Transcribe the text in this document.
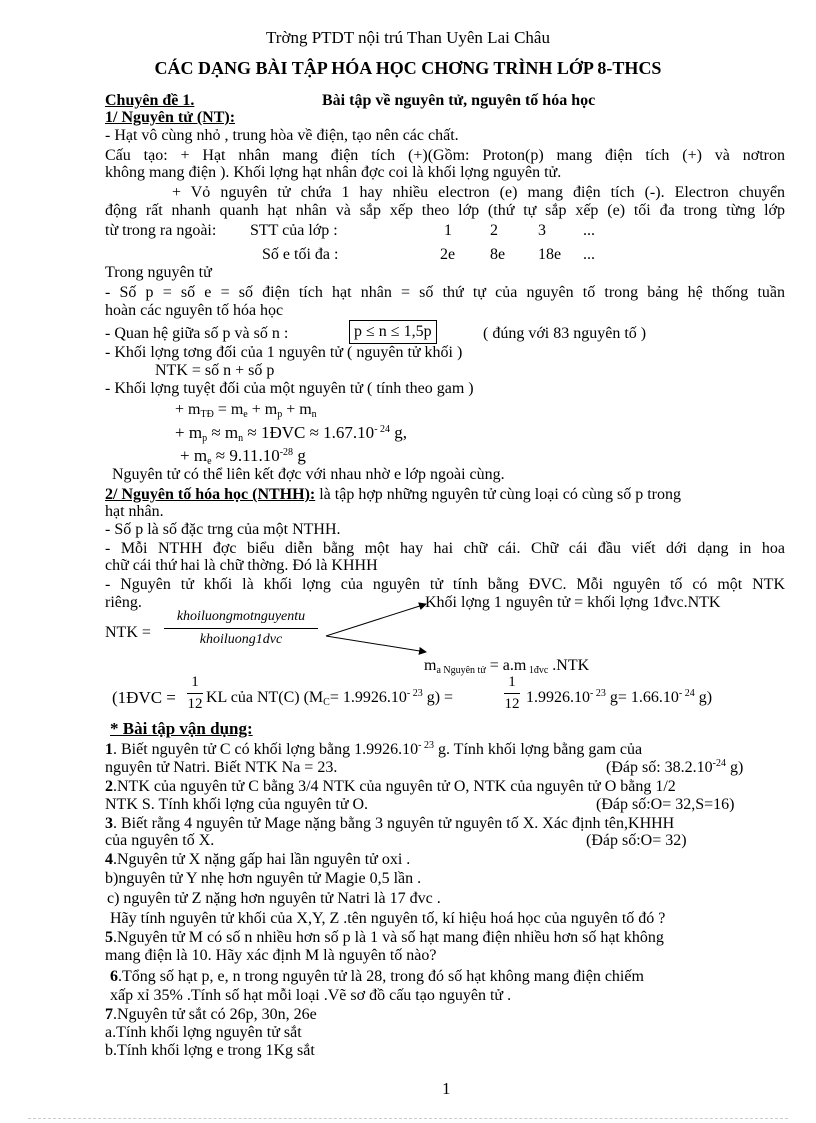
Trờng PTDT nội trú Than Uyên Lai Châu
CÁC DẠNG BÀI TẬP HÓA HỌC CHƠNG TRÌNH LỚP 8-THCS
Chuyên đề 1.	Bài tập về nguyên tử, nguyên tố hóa học
1/ Nguyên tử (NT):
- Hạt vô cùng nhỏ , trung hòa về điện, tạo nên các chất.
Cấu tạo: + Hạt nhân mang điện tích (+)(Gồm: Proton(p) mang điện tích (+) và nơtron
không mang điện ). Khối lợng hạt nhân đợc coi là khối lợng nguyên tử.
+ Vỏ nguyên tử chứa 1 hay nhiều electron (e) mang điện tích (-). Electron chuyển
động rất nhanh quanh hạt nhân và sắp xếp theo lớp (thứ tự sắp xếp (e) tối đa trong từng lớp
từ trong ra ngoài: STT của lớp :	1 2	3 ...
Số e tối đa :	2e 8e 18e ...
Trong nguyên tử
- Số p = số e = số điện tích hạt nhân = số thứ tự của nguyên tố trong bảng hệ thống tuần
hoàn các nguyên tố hóa học
- Quan hệ giữa số p và số n :	p ≤ n ≤ 1,5p	( đúng với 83 nguyên tố )
- Khối lợng tơng đối của 1 nguyên tử ( nguyên tử khối )
NTK = số n + số p
- Khối lợng tuyệt đối của một nguyên tử ( tính theo gam )
+ $m_{TĐ} = m_e + m_p + m_n$
+ $m_p \approx m_n$ ≈ 1ĐVC ≈ $1.67.10^{- 24}$ g,
+ $m_e \approx 9.11.10^{-28}$ g
Nguyên tử có thể liên kết đợc với nhau nhờ e lớp ngoài cùng.
2/ Nguyên tố hóa học (NTHH): là tập hợp những nguyên tử cùng loại có cùng số p trong
hạt nhân.
- Số p là số đặc trng của một NTHH.
- Mỗi NTHH đợc biểu diễn bằng một hay hai chữ cái. Chữ cái đầu viết dới dạng in hoa
chữ cái thứ hai là chữ thờng. Đó là KHHH
- Nguyên tử khối là khối lợng của nguyên tử tính bằng ĐVC. Mỗi nguyên tố có một NTK
riêng.	Khối lợng 1 nguyên tử = khối lợng 1đvc.NTK
NTK =
khoiluongmotnguyentu
khoiluong1dvc
$m_{a Nguyên tử} = a.m$ $_{1đvc}$ .NTK
(1ĐVC =
1
12 KL của NT(C) ($M_C= 1.9926.10^{- 23}$ g) =
1
12 $1.9926.10^{- 23}$ $g= 1.66.10^{- 24}$ g)
* Bài tập vận dụng:
1. Biết nguyên tử C có khối lợng bằng $1.9926.10^{- 23}$ g. Tính khối lợng bằng gam của
nguyên tử Natri. Biết NTK Na = 23.	(Đáp số: $38.2.10^{-24}$ g)
2.NTK của nguyên tử C bằng 3/4 NTK của nguyên tử O, NTK của nguyên tử O bằng 1/2
NTK S. Tính khối lợng của nguyên tử O.	(Đáp số:O= 32,S=16)
3. Biết rằng 4 nguyên tử Mage nặng bằng 3 nguyên tử nguyên tố X. Xác định tên,KHHH
của nguyên tố X.	(Đáp số:O= 32)
4.Nguyên tử X nặng gấp hai lần nguyên tử oxi .
b)nguyên tử Y nhẹ hơn nguyên tử Magie 0,5 lần .
c) nguyên tử Z nặng hơn nguyên tử Natri là 17 đvc .
Hãy tính nguyên tử khối của X,Y, Z .tên nguyên tố, kí hiệu hoá học của nguyên tố đó ?
5.Nguyên tử M có số n nhiều hơn số p là 1 và số hạt mang điện nhiều hơn số hạt không
mang điện là 10. Hãy xác định M là nguyên tố nào?
6.Tổng số hạt p, e, n trong nguyên tử là 28, trong đó số hạt không mang điện chiếm
xấp xỉ 35% .Tính số hạt mỗi loại .Vẽ sơ đồ cấu tạo nguyên tử .
7.Nguyên tử sắt có 26p, 30n, 26e
a.Tính khối lợng nguyên tử sắt
b.Tính khối lợng e trong 1Kg sắt
1
